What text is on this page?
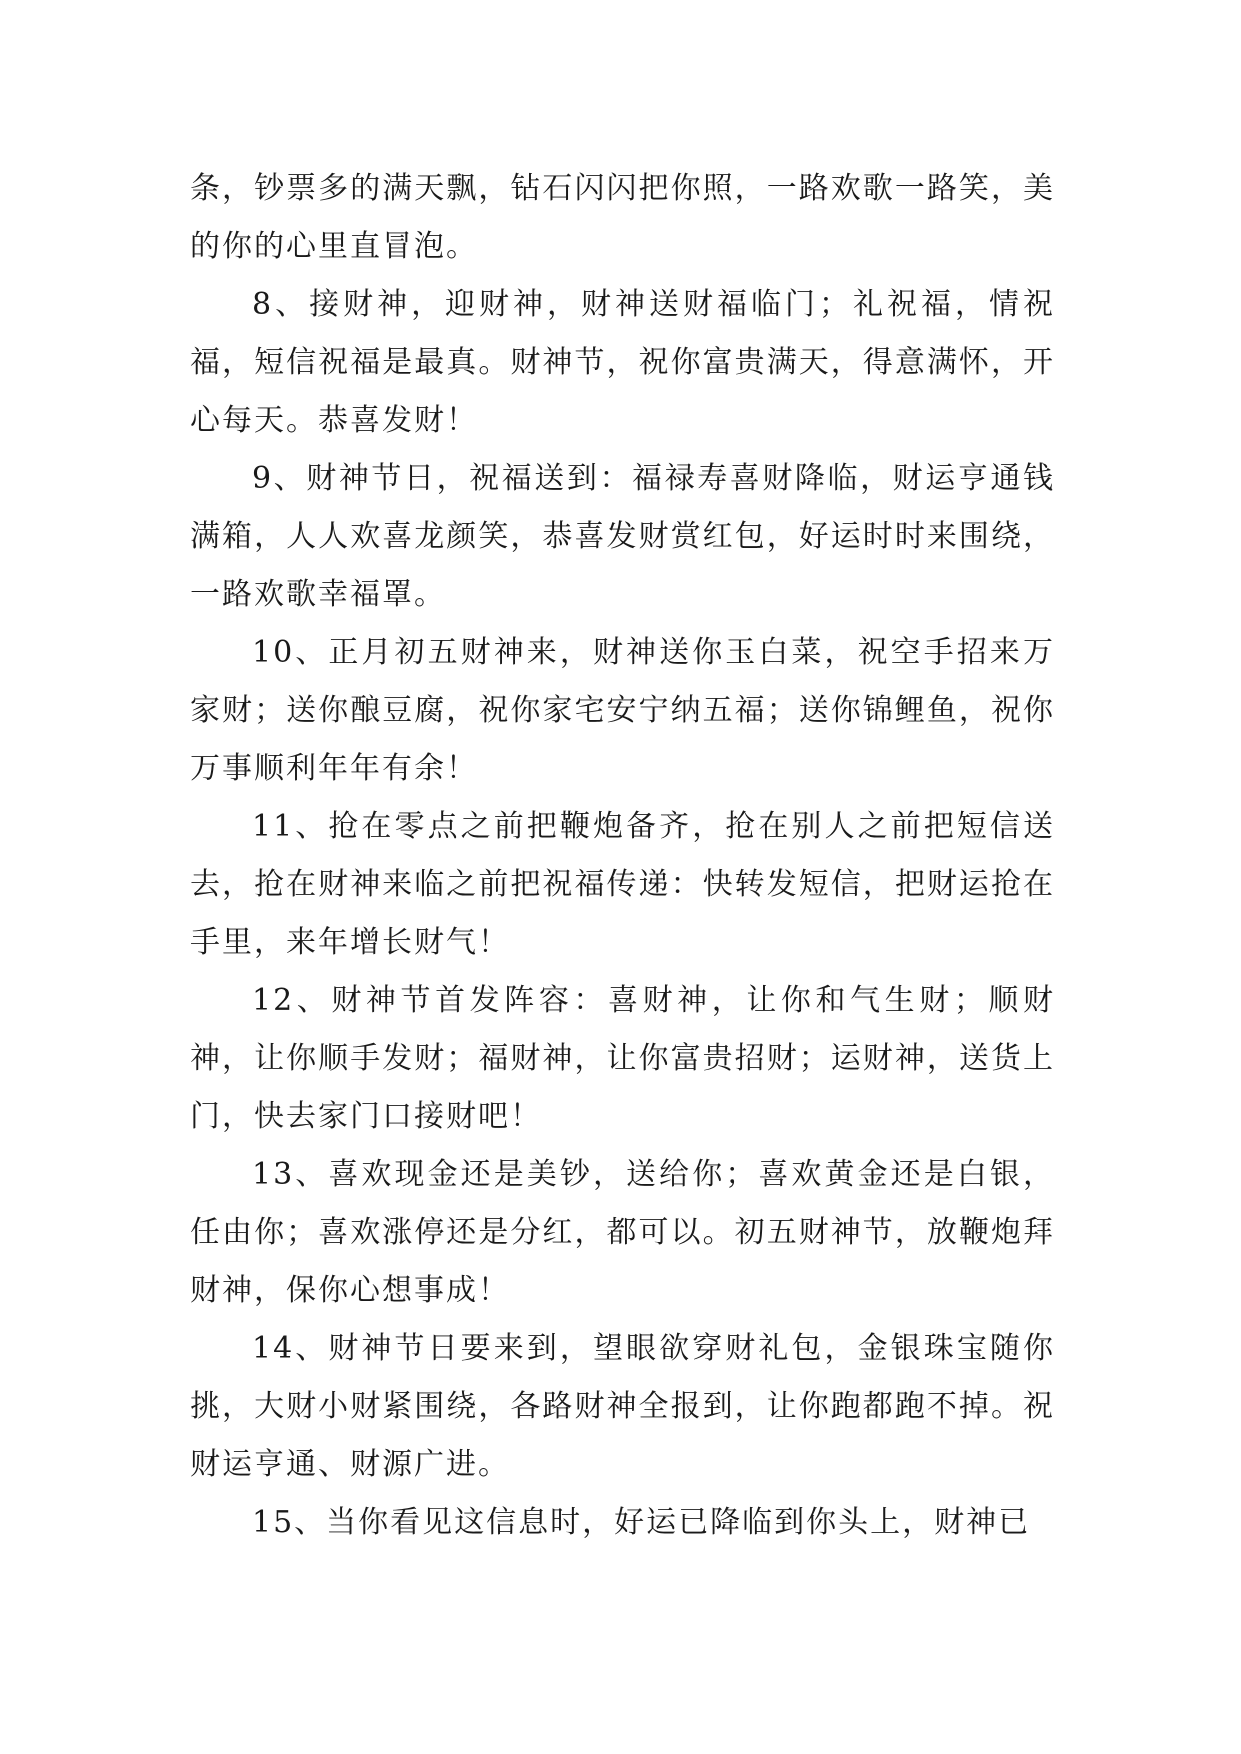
条，钞票多的满天飘，钻石闪闪把你照，一路欢歌一路笑，美的你的心里直冒泡。

8、接财神，迎财神，财神送财福临门；礼祝福，情祝福，短信祝福是最真。财神节，祝你富贵满天，得意满怀，开心每天。恭喜发财！

9、财神节日，祝福送到：福禄寿喜财降临，财运亨通钱满箱，人人欢喜龙颜笑，恭喜发财赏红包，好运时时来围绕，一路欢歌幸福罩。

10、正月初五财神来，财神送你玉白菜，祝空手招来万家财；送你酿豆腐，祝你家宅安宁纳五福；送你锦鲤鱼，祝你万事顺利年年有余！

11、抢在零点之前把鞭炮备齐，抢在别人之前把短信送去，抢在财神来临之前把祝福传递：快转发短信，把财运抢在手里，来年增长财气！

12、财神节首发阵容：喜财神，让你和气生财；顺财神，让你顺手发财；福财神，让你富贵招财；运财神，送货上门，快去家门口接财吧！

13、喜欢现金还是美钞，送给你；喜欢黄金还是白银，任由你；喜欢涨停还是分红，都可以。初五财神节，放鞭炮拜财神，保你心想事成！

14、财神节日要来到，望眼欲穿财礼包，金银珠宝随你挑，大财小财紧围绕，各路财神全报到，让你跑都跑不掉。祝财运亨通、财源广进。

15、当你看见这信息时，好运已降临到你头上，财神已
